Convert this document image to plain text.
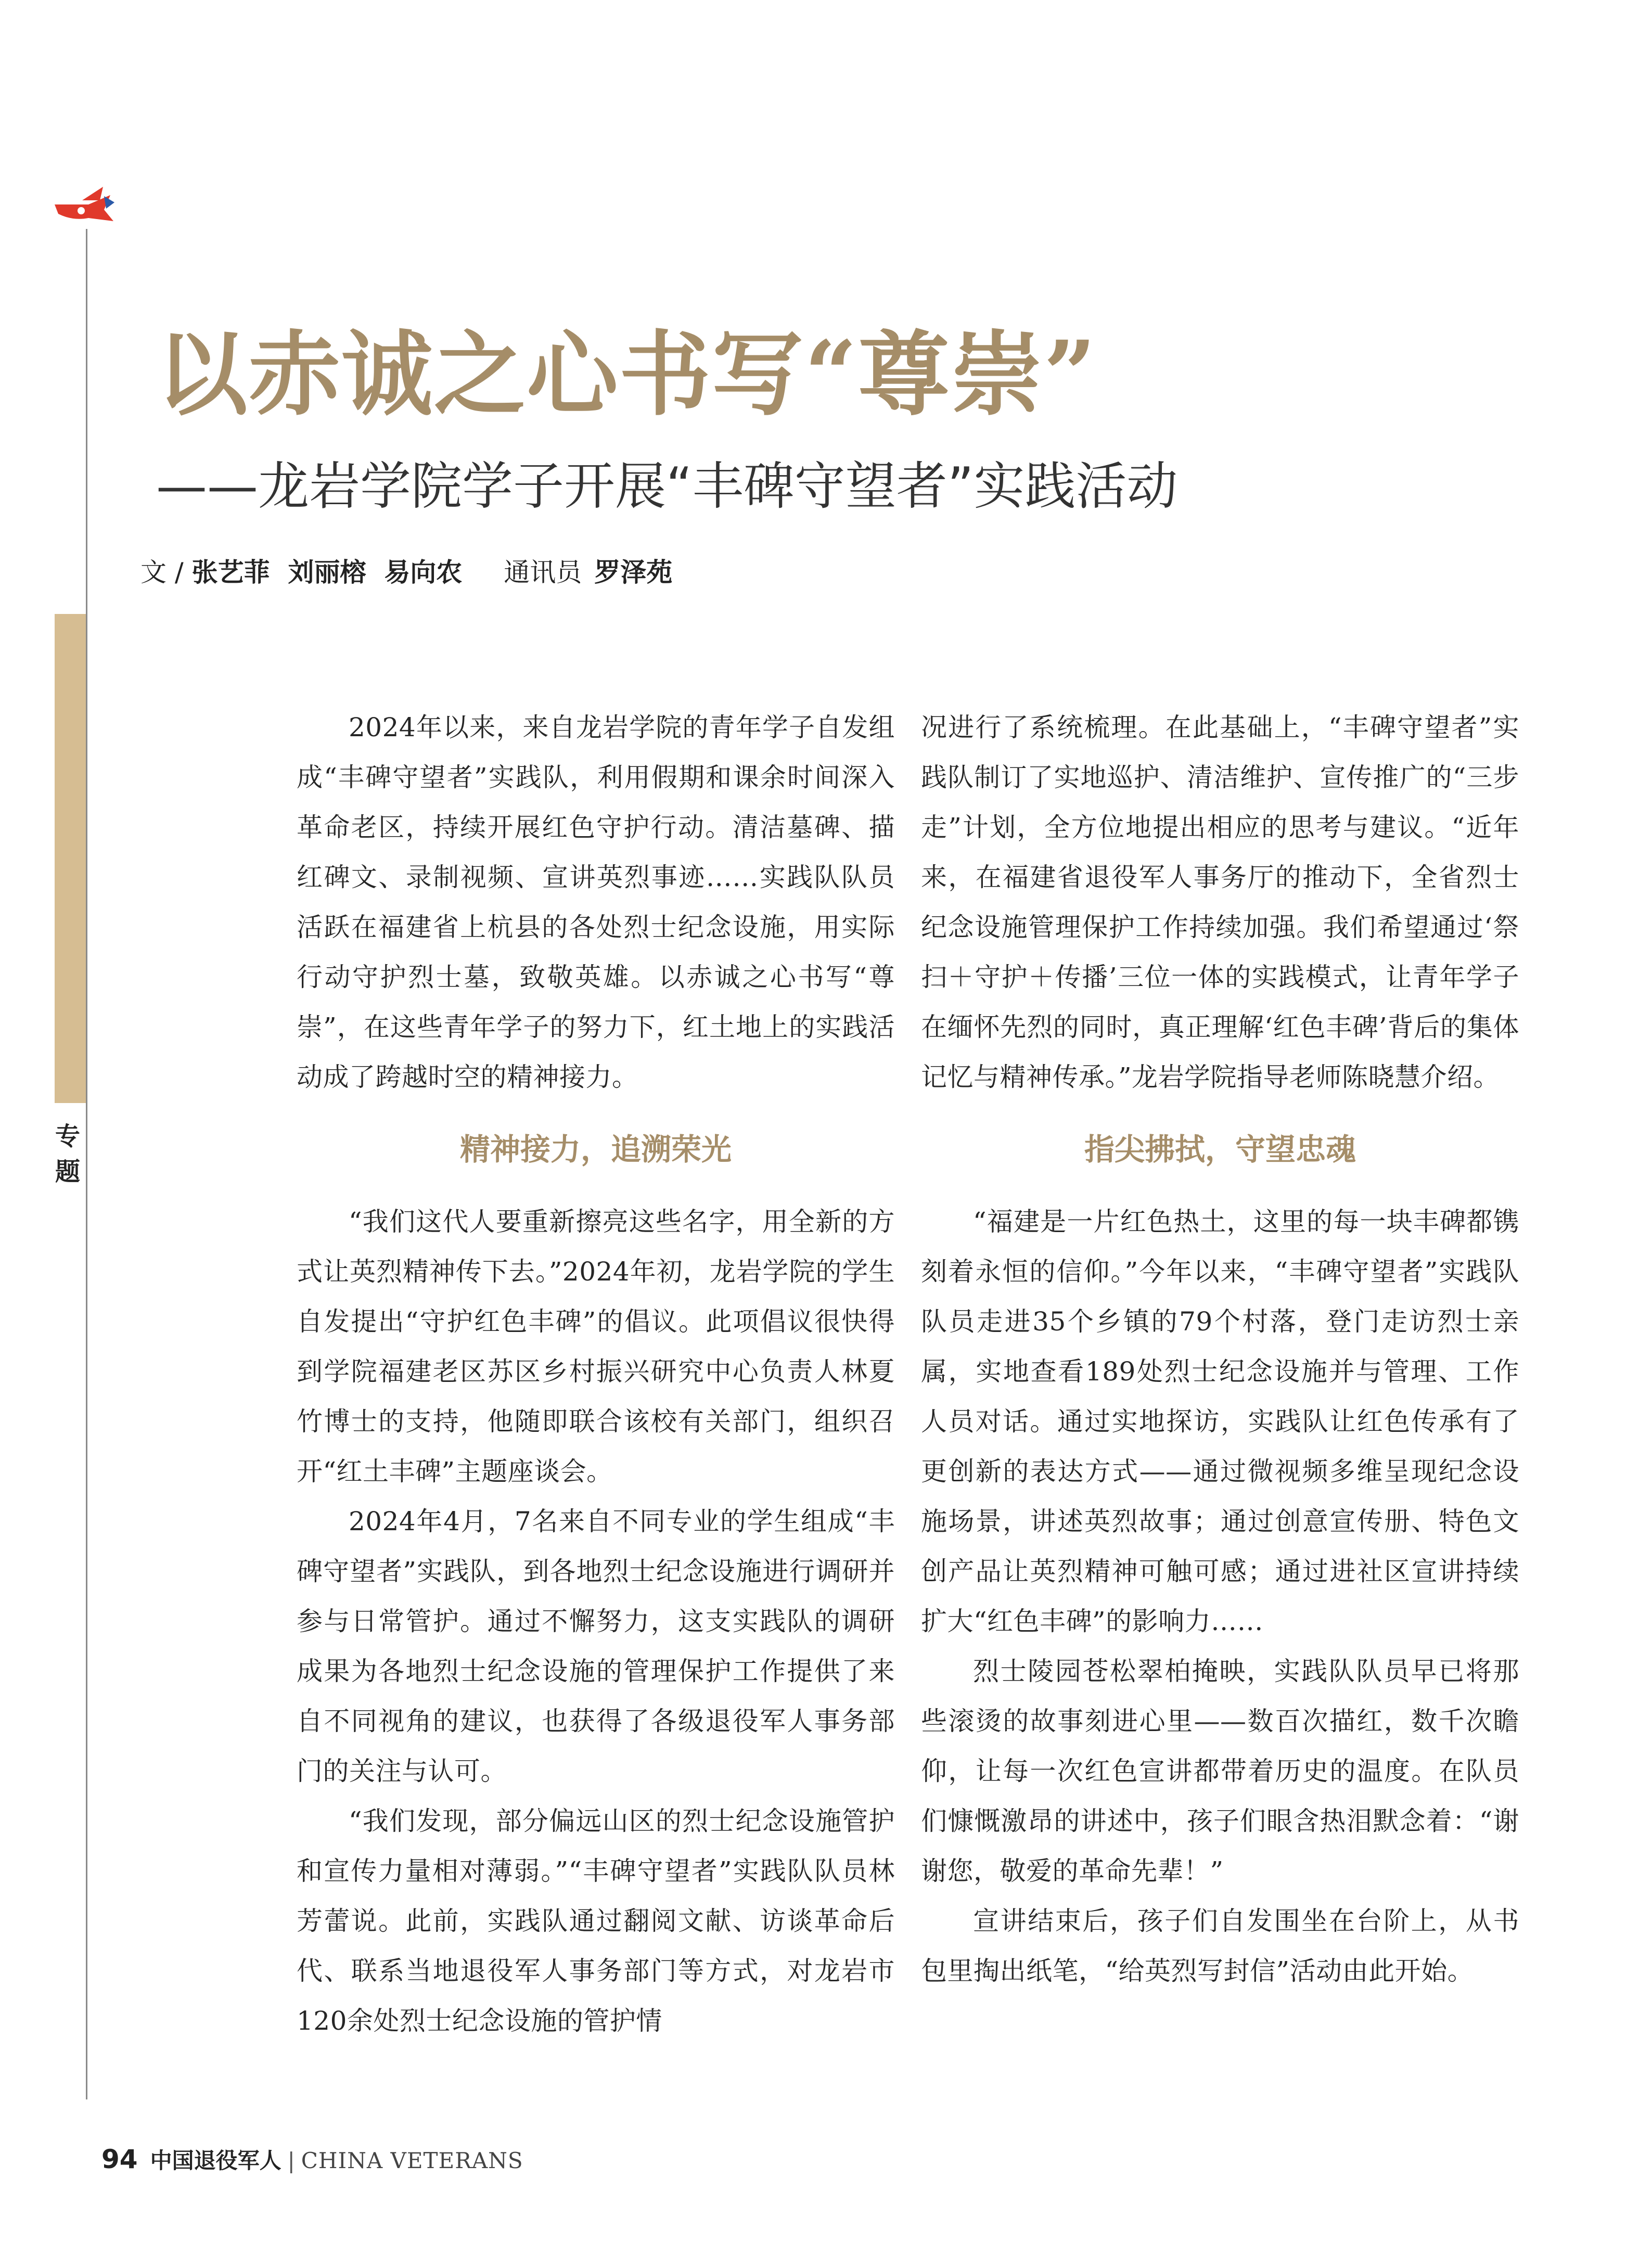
专题
以赤诚之心书写“尊崇”
——龙岩学院学子开展“丰碑守望者”实践活动
文 / 张艺菲  刘丽榕  易向农 通讯员 罗泽苑

2024年以来，来自龙岩学院的青年学子自发组成“丰碑守望者”实践队，利用假期和课余时间深入革命老区，持续开展红色守护行动。清洁墓碑、描红碑文、录制视频、宣讲英烈事迹……实践队队员活跃在福建省上杭县的各处烈士纪念设施，用实际行动守护烈士墓，致敬英雄。以赤诚之心书写“尊崇”，在这些青年学子的努力下，红土地上的实践活动成了跨越时空的精神接力。

精神接力，追溯荣光

“我们这代人要重新擦亮这些名字，用全新的方式让英烈精神传下去。”2024年初，龙岩学院的学生自发提出“守护红色丰碑”的倡议。此项倡议很快得到学院福建老区苏区乡村振兴研究中心负责人林夏竹博士的支持，他随即联合该校有关部门，组织召开“红土丰碑”主题座谈会。

2024年4月，7名来自不同专业的学生组成“丰碑守望者”实践队，到各地烈士纪念设施进行调研并参与日常管护。通过不懈努力，这支实践队的调研成果为各地烈士纪念设施的管理保护工作提供了来自不同视角的建议，也获得了各级退役军人事务部门的关注与认可。

“我们发现，部分偏远山区的烈士纪念设施管护和宣传力量相对薄弱。”“丰碑守望者”实践队队员林芳蕾说。此前，实践队通过翻阅文献、访谈革命后代、联系当地退役军人事务部门等方式，对龙岩市120余处烈士纪念设施的管护情

况进行了系统梳理。在此基础上，“丰碑守望者”实践队制订了实地巡护、清洁维护、宣传推广的“三步走”计划，全方位地提出相应的思考与建议。“近年来，在福建省退役军人事务厅的推动下，全省烈士纪念设施管理保护工作持续加强。我们希望通过‘祭扫＋守护＋传播’三位一体的实践模式，让青年学子在缅怀先烈的同时，真正理解‘红色丰碑’背后的集体记忆与精神传承。”龙岩学院指导老师陈晓慧介绍。

指尖拂拭，守望忠魂

“福建是一片红色热土，这里的每一块丰碑都镌刻着永恒的信仰。”今年以来，“丰碑守望者”实践队队员走进35个乡镇的79个村落，登门走访烈士亲属，实地查看189处烈士纪念设施并与管理、工作人员对话。通过实地探访，实践队让红色传承有了更创新的表达方式——通过微视频多维呈现纪念设施场景，讲述英烈故事；通过创意宣传册、特色文创产品让英烈精神可触可感；通过进社区宣讲持续扩大“红色丰碑”的影响力……

烈士陵园苍松翠柏掩映，实践队队员早已将那些滚烫的故事刻进心里——数百次描红，数千次瞻仰，让每一次红色宣讲都带着历史的温度。在队员们慷慨激昂的讲述中，孩子们眼含热泪默念着：“谢谢您，敬爱的革命先辈！”

宣讲结束后，孩子们自发围坐在台阶上，从书包里掏出纸笔，“给英烈写封信”活动由此开始。

94 中国退役军人 | CHINA VETERANS
